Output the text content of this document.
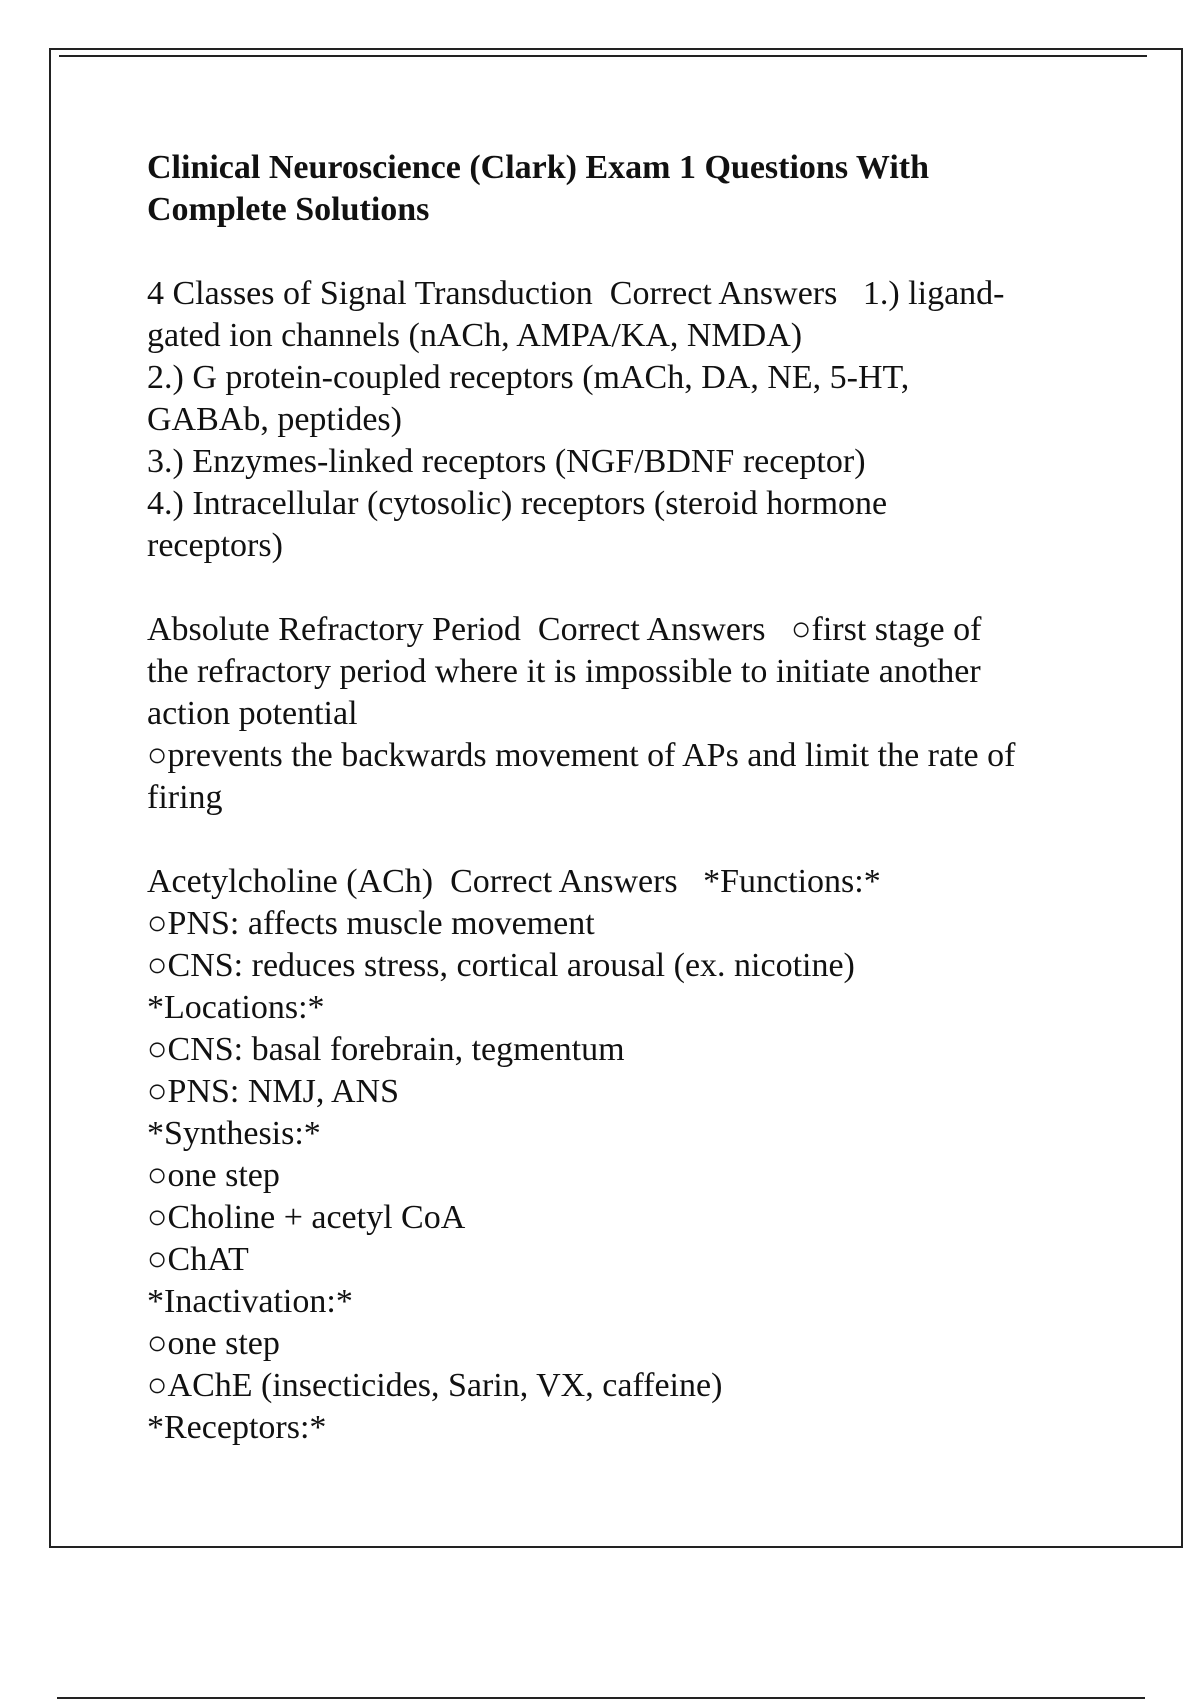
Clinical Neuroscience (Clark) Exam 1 Questions With
Complete Solutions
4 Classes of Signal Transduction  Correct Answers   1.) ligand-
gated ion channels (nACh, AMPA/KA, NMDA)
2.) G protein-coupled receptors (mACh, DA, NE, 5-HT,
GABAb, peptides)
3.) Enzymes-linked receptors (NGF/BDNF receptor)
4.) Intracellular (cytosolic) receptors (steroid hormone
receptors)
Absolute Refractory Period  Correct Answers   ○first stage of
the refractory period where it is impossible to initiate another
action potential
○prevents the backwards movement of APs and limit the rate of
firing
Acetylcholine (ACh)  Correct Answers   *Functions:*
○PNS: affects muscle movement
○CNS: reduces stress, cortical arousal (ex. nicotine)
*Locations:*
○CNS: basal forebrain, tegmentum
○PNS: NMJ, ANS
*Synthesis:*
○one step
○Choline + acetyl CoA
○ChAT
*Inactivation:*
○one step
○AChE (insecticides, Sarin, VX, caffeine)
*Receptors:*
